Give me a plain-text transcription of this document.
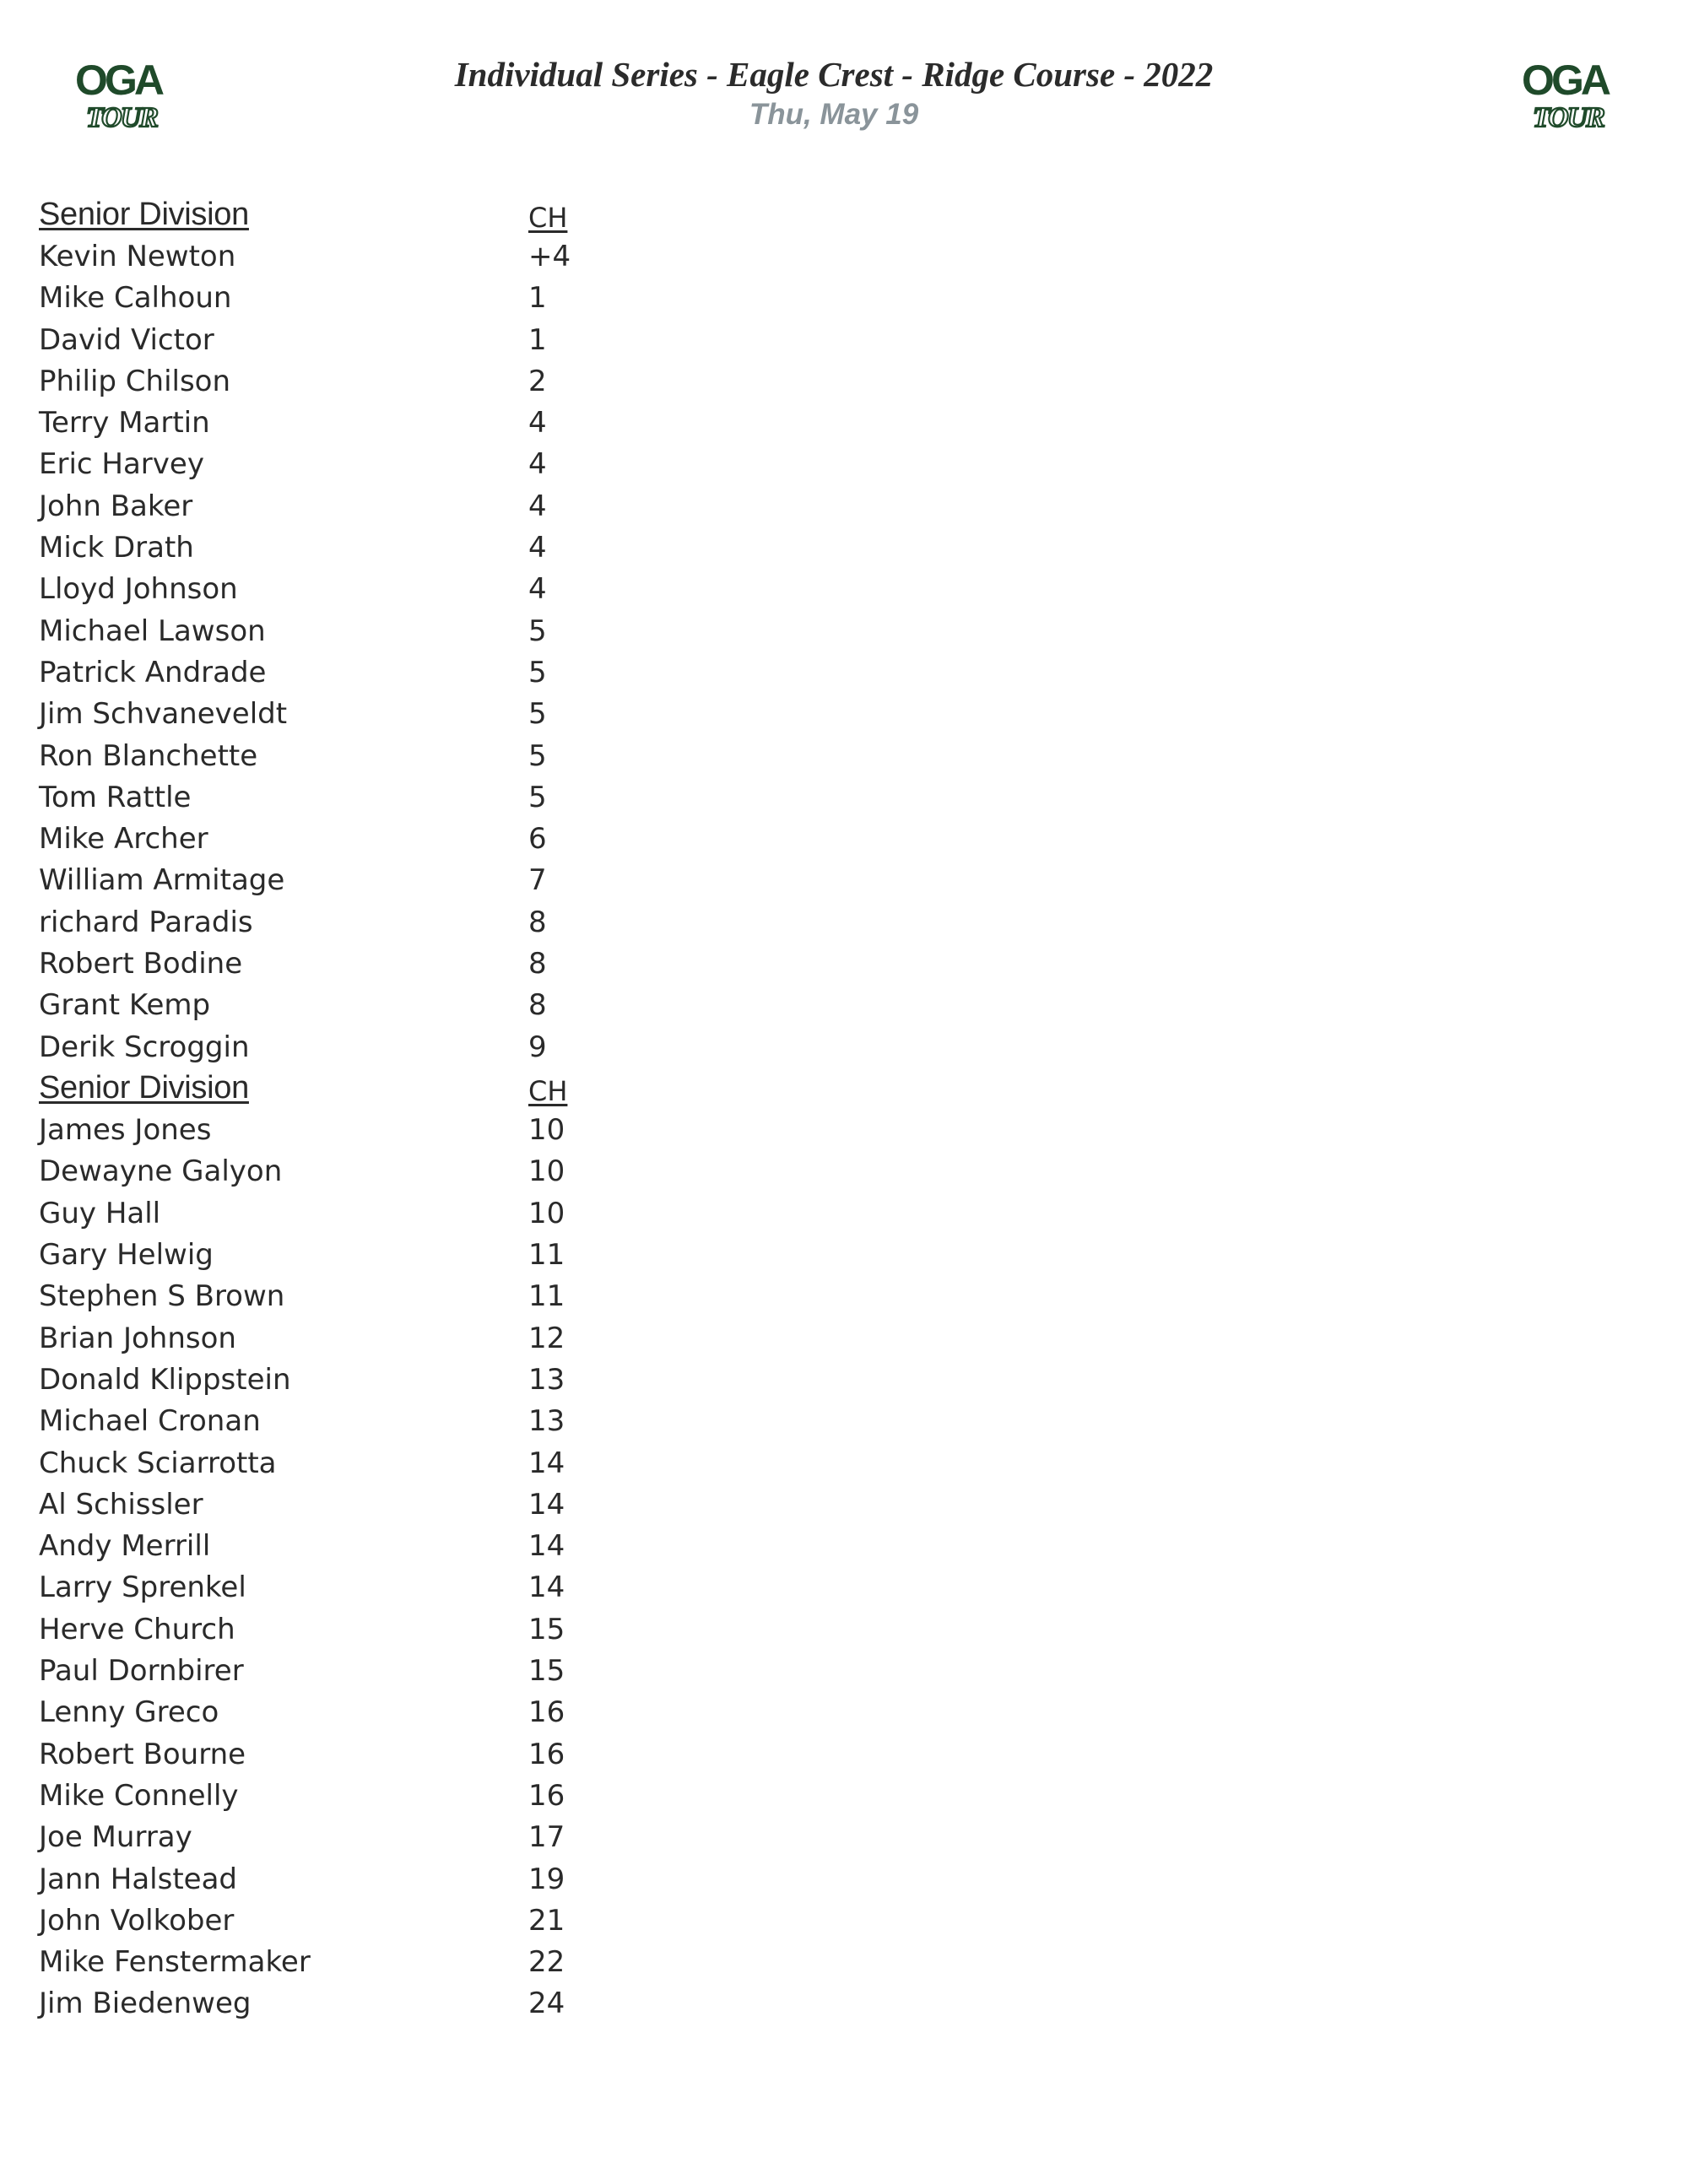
OGA
TOUR
OGA
TOUR
Individual Series - Eagle Crest - Ridge Course - 2022
Thu, May 19
Senior Division	CH
Kevin Newton	+4
Mike Calhoun	1
David Victor	1
Philip Chilson	2
Terry Martin	4
Eric Harvey	4
John Baker	4
Mick Drath	4
Lloyd Johnson	4
Michael Lawson	5
Patrick Andrade	5
Jim Schvaneveldt	5
Ron Blanchette	5
Tom Rattle	5
Mike Archer	6
William Armitage	7
richard Paradis	8
Robert Bodine	8
Grant Kemp	8
Derik Scroggin	9
Senior Division	CH
James Jones	10
Dewayne Galyon	10
Guy Hall	10
Gary Helwig	11
Stephen S Brown	11
Brian Johnson	12
Donald Klippstein	13
Michael Cronan	13
Chuck Sciarrotta	14
Al Schissler	14
Andy Merrill	14
Larry Sprenkel	14
Herve Church	15
Paul Dornbirer	15
Lenny Greco	16
Robert Bourne	16
Mike Connelly	16
Joe Murray	17
Jann Halstead	19
John Volkober	21
Mike Fenstermaker	22
Jim Biedenweg	24
